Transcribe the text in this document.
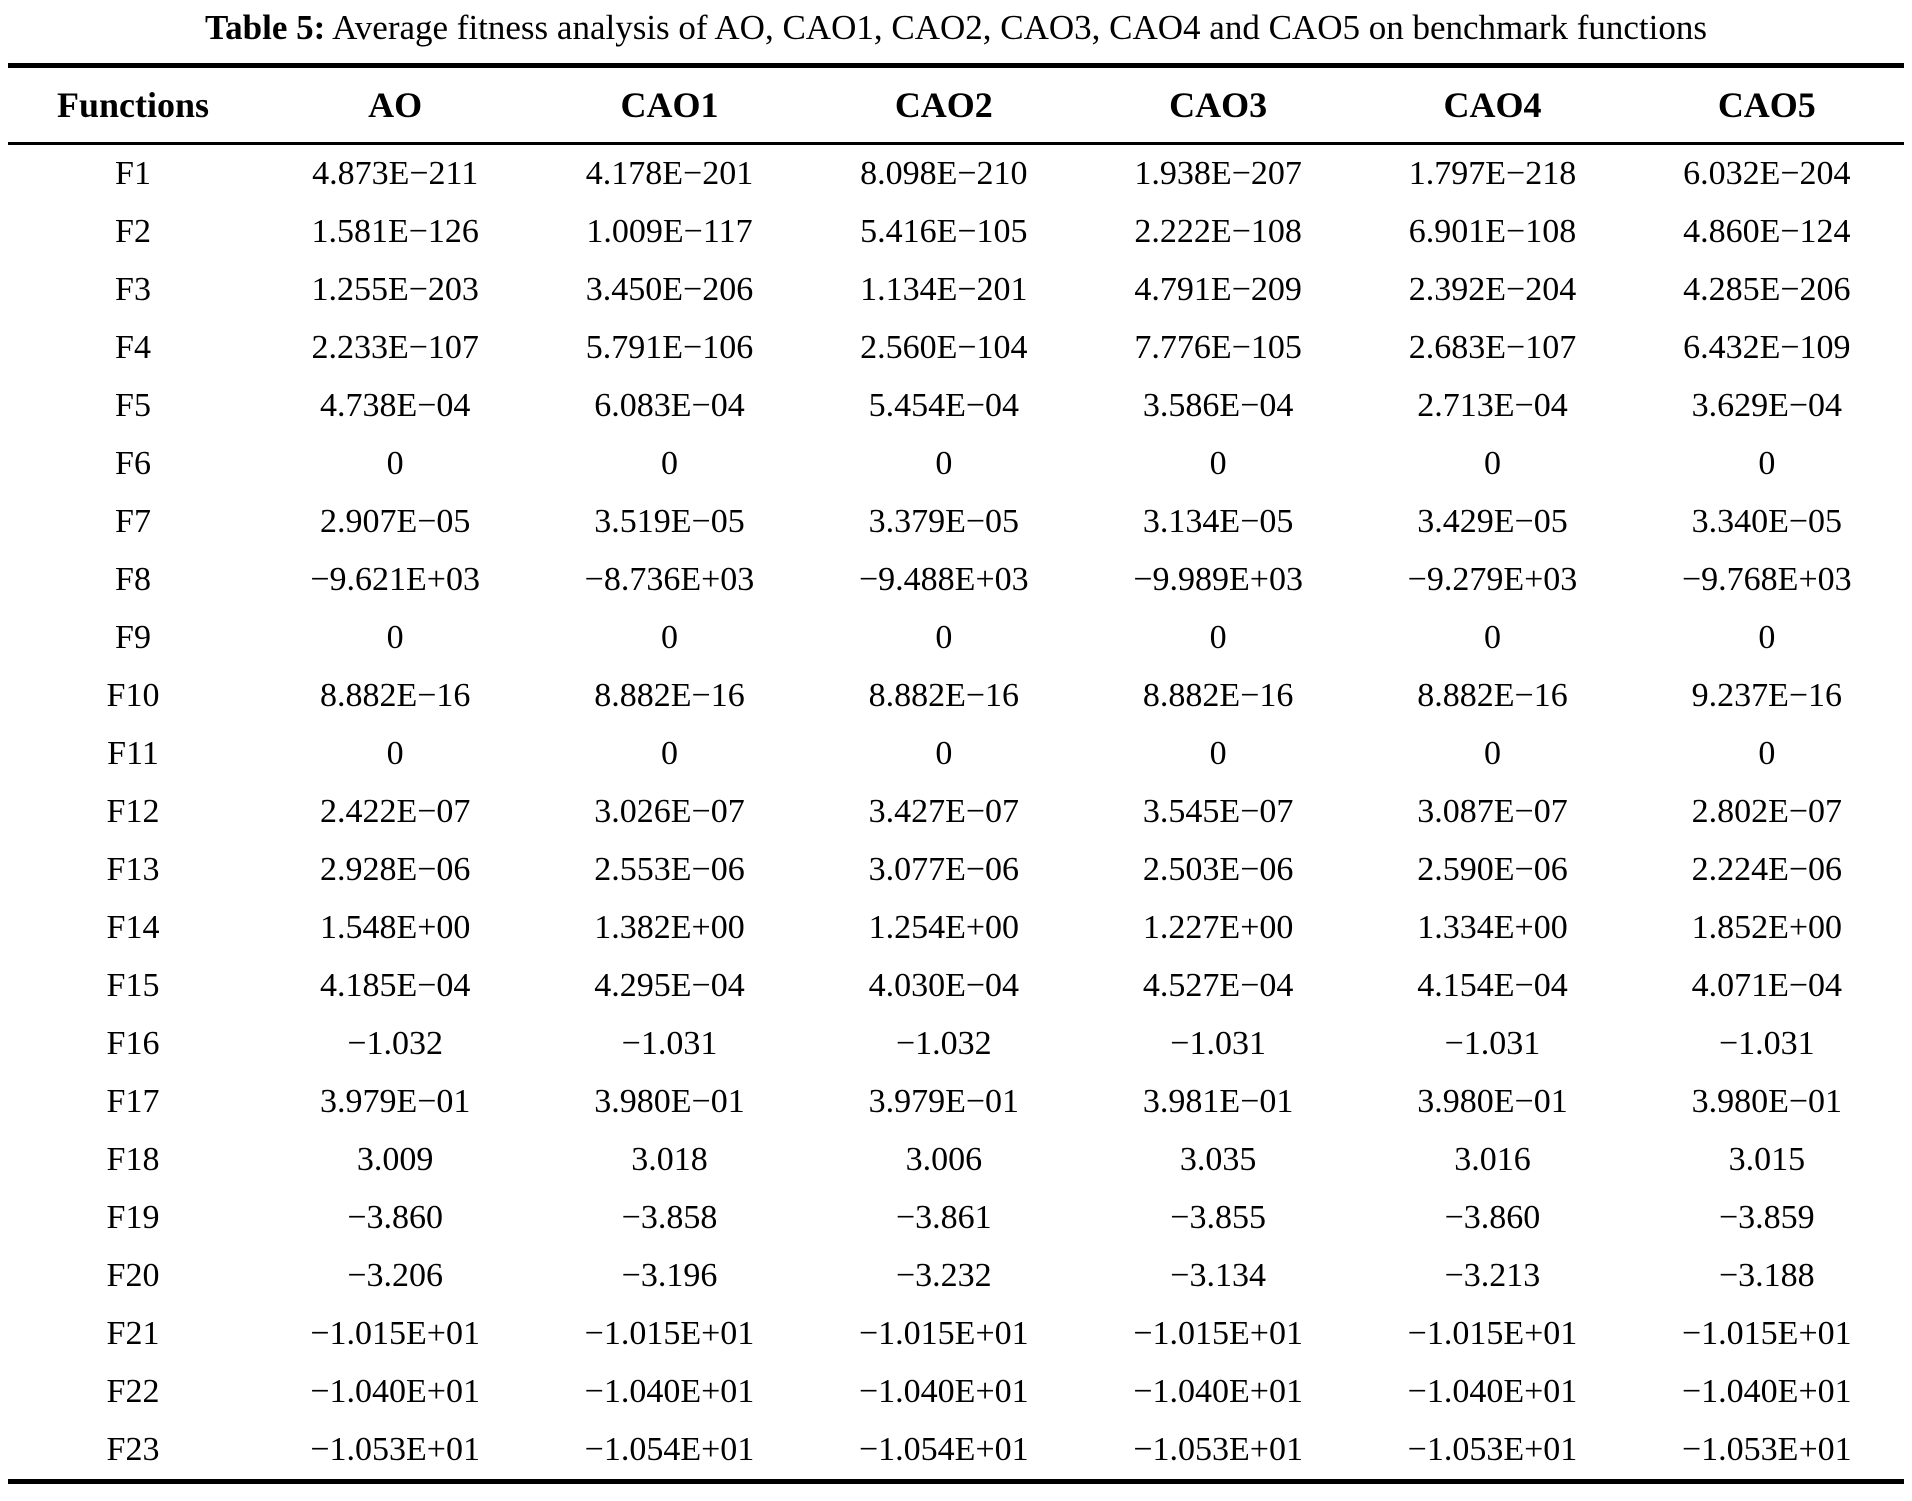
Table 5: Average fitness analysis of AO, CAO1, CAO2, CAO3, CAO4 and CAO5 on benchmark functions
Functions	AO	CAO1	CAO2	CAO3	CAO4	CAO5
F1	4.873E−211	4.178E−201	8.098E−210	1.938E−207	1.797E−218	6.032E−204
F2	1.581E−126	1.009E−117	5.416E−105	2.222E−108	6.901E−108	4.860E−124
F3	1.255E−203	3.450E−206	1.134E−201	4.791E−209	2.392E−204	4.285E−206
F4	2.233E−107	5.791E−106	2.560E−104	7.776E−105	2.683E−107	6.432E−109
F5	4.738E−04	6.083E−04	5.454E−04	3.586E−04	2.713E−04	3.629E−04
F6	0	0	0	0	0	0
F7	2.907E−05	3.519E−05	3.379E−05	3.134E−05	3.429E−05	3.340E−05
F8	−9.621E+03	−8.736E+03	−9.488E+03	−9.989E+03	−9.279E+03	−9.768E+03
F9	0	0	0	0	0	0
F10	8.882E−16	8.882E−16	8.882E−16	8.882E−16	8.882E−16	9.237E−16
F11	0	0	0	0	0	0
F12	2.422E−07	3.026E−07	3.427E−07	3.545E−07	3.087E−07	2.802E−07
F13	2.928E−06	2.553E−06	3.077E−06	2.503E−06	2.590E−06	2.224E−06
F14	1.548E+00	1.382E+00	1.254E+00	1.227E+00	1.334E+00	1.852E+00
F15	4.185E−04	4.295E−04	4.030E−04	4.527E−04	4.154E−04	4.071E−04
F16	−1.032	−1.031	−1.032	−1.031	−1.031	−1.031
F17	3.979E−01	3.980E−01	3.979E−01	3.981E−01	3.980E−01	3.980E−01
F18	3.009	3.018	3.006	3.035	3.016	3.015
F19	−3.860	−3.858	−3.861	−3.855	−3.860	−3.859
F20	−3.206	−3.196	−3.232	−3.134	−3.213	−3.188
F21	−1.015E+01	−1.015E+01	−1.015E+01	−1.015E+01	−1.015E+01	−1.015E+01
F22	−1.040E+01	−1.040E+01	−1.040E+01	−1.040E+01	−1.040E+01	−1.040E+01
F23	−1.053E+01	−1.054E+01	−1.054E+01	−1.053E+01	−1.053E+01	−1.053E+01
